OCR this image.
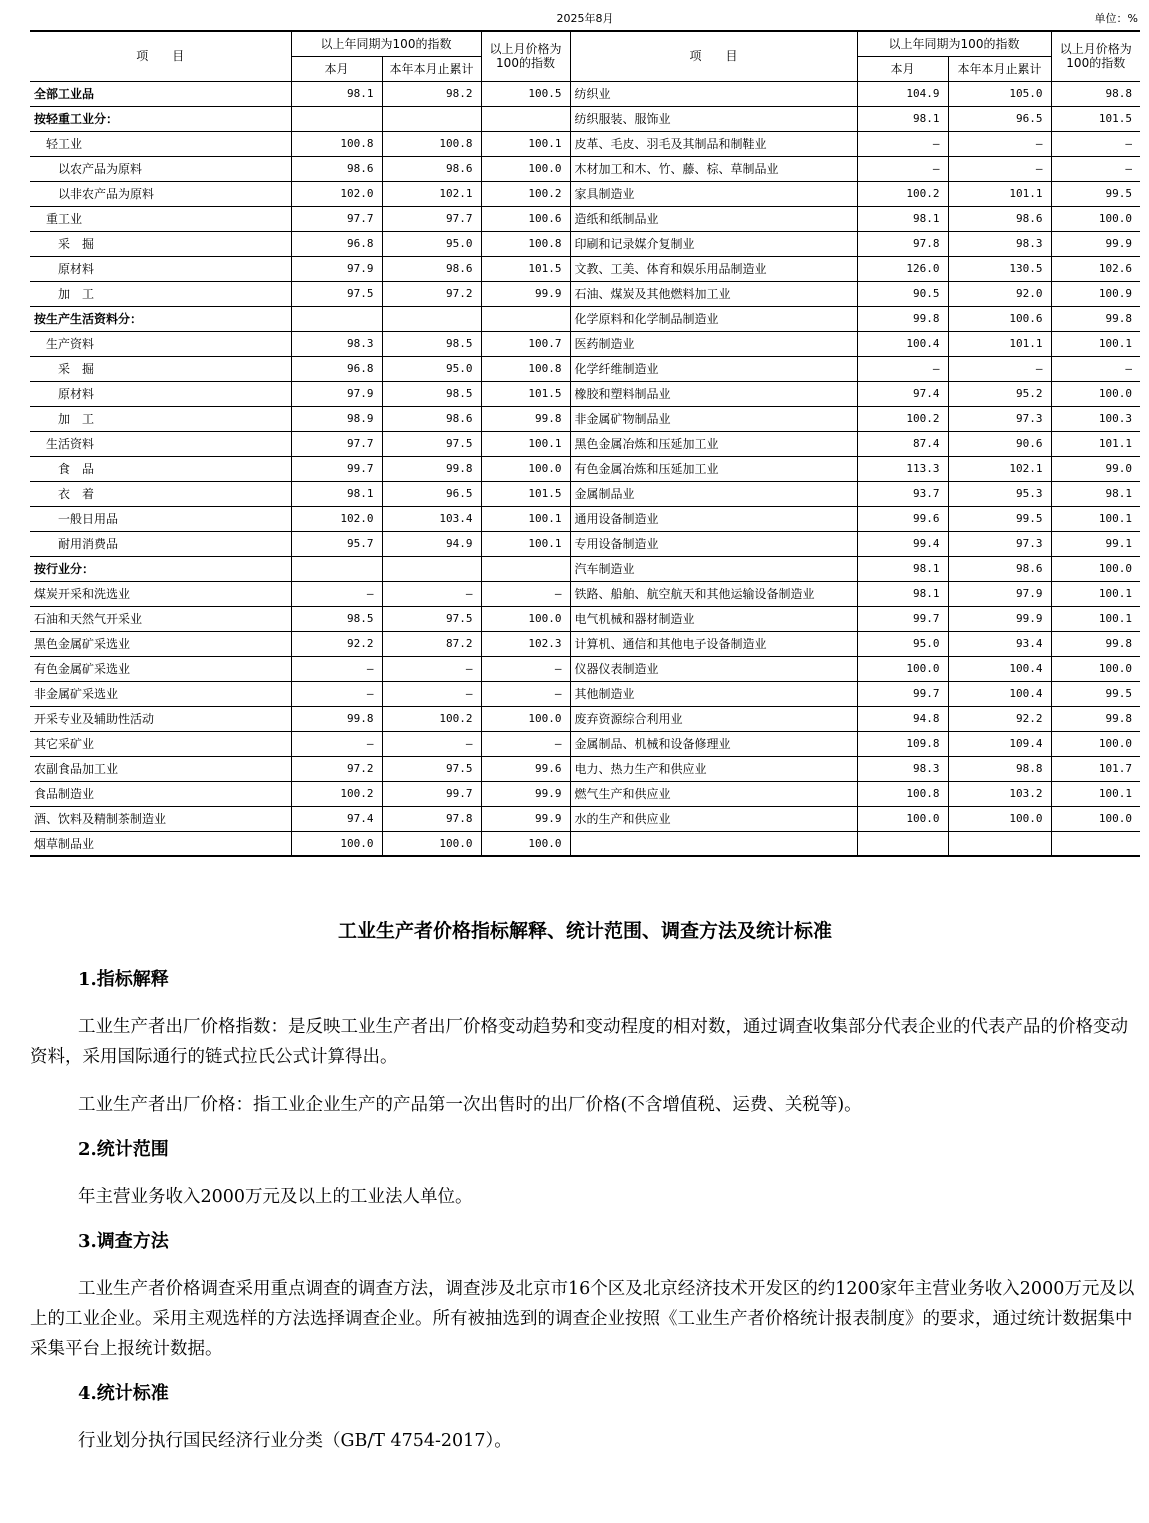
2025年8月	单位：%
项　　目	以上年同期为100的指数		以上月价格为100的指数	项　　目	以上年同期为100的指数		以上月价格为100的指数
	本月	本年本月止累计			本月	本年本月止累计	
全部工业品	98.1	98.2	100.5	纺织业	104.9	105.0	98.8
按轻重工业分：				纺织服装、服饰业	98.1	96.5	101.5
轻工业	100.8	100.8	100.1	皮革、毛皮、羽毛及其制品和制鞋业	–	–	–
以农产品为原料	98.6	98.6	100.0	木材加工和木、竹、藤、棕、草制品业	–	–	–
以非农产品为原料	102.0	102.1	100.2	家具制造业	100.2	101.1	99.5
重工业	97.7	97.7	100.6	造纸和纸制品业	98.1	98.6	100.0
采　掘	96.8	95.0	100.8	印刷和记录媒介复制业	97.8	98.3	99.9
原材料	97.9	98.6	101.5	文教、工美、体育和娱乐用品制造业	126.0	130.5	102.6
加　工	97.5	97.2	99.9	石油、煤炭及其他燃料加工业	90.5	92.0	100.9
按生产生活资料分：				化学原料和化学制品制造业	99.8	100.6	99.8
生产资料	98.3	98.5	100.7	医药制造业	100.4	101.1	100.1
采　掘	96.8	95.0	100.8	化学纤维制造业	–	–	–
原材料	97.9	98.5	101.5	橡胶和塑料制品业	97.4	95.2	100.0
加　工	98.9	98.6	99.8	非金属矿物制品业	100.2	97.3	100.3
生活资料	97.7	97.5	100.1	黑色金属冶炼和压延加工业	87.4	90.6	101.1
食　品	99.7	99.8	100.0	有色金属冶炼和压延加工业	113.3	102.1	99.0
衣　着	98.1	96.5	101.5	金属制品业	93.7	95.3	98.1
一般日用品	102.0	103.4	100.1	通用设备制造业	99.6	99.5	100.1
耐用消费品	95.7	94.9	100.1	专用设备制造业	99.4	97.3	99.1
按行业分：				汽车制造业	98.1	98.6	100.0
煤炭开采和洗选业	–	–	–	铁路、船舶、航空航天和其他运输设备制造业	98.1	97.9	100.1
石油和天然气开采业	98.5	97.5	100.0	电气机械和器材制造业	99.7	99.9	100.1
黑色金属矿采选业	92.2	87.2	102.3	计算机、通信和其他电子设备制造业	95.0	93.4	99.8
有色金属矿采选业	–	–	–	仪器仪表制造业	100.0	100.4	100.0
非金属矿采选业	–	–	–	其他制造业	99.7	100.4	99.5
开采专业及辅助性活动	99.8	100.2	100.0	废弃资源综合利用业	94.8	92.2	99.8
其它采矿业	–	–	–	金属制品、机械和设备修理业	109.8	109.4	100.0
农副食品加工业	97.2	97.5	99.6	电力、热力生产和供应业	98.3	98.8	101.7
食品制造业	100.2	99.7	99.9	燃气生产和供应业	100.8	103.2	100.1
酒、饮料及精制茶制造业	97.4	97.8	99.9	水的生产和供应业	100.0	100.0	100.0
烟草制品业	100.0	100.0	100.0				
工业生产者价格指标解释、统计范围、调查方法及统计标准
1.指标解释

工业生产者出厂价格指数：是反映工业生产者出厂价格变动趋势和变动程度的相对数，通过调查收集部分代表企业的代表产品的价格变动资料，采用国际通行的链式拉氏公式计算得出。

工业生产者出厂价格：指工业企业生产的产品第一次出售时的出厂价格(不含增值税、运费、关税等)。

2.统计范围

年主营业务收入2000万元及以上的工业法人单位。

3.调查方法

工业生产者价格调查采用重点调查的调查方法，调查涉及北京市16个区及北京经济技术开发区的约1200家年主营业务收入2000万元及以上的工业企业。采用主观选样的方法选择调查企业。所有被抽选到的调查企业按照《工业生产者价格统计报表制度》的要求，通过统计数据集中采集平台上报统计数据。

4.统计标准

行业划分执行国民经济行业分类（GB/T 4754-2017）。
